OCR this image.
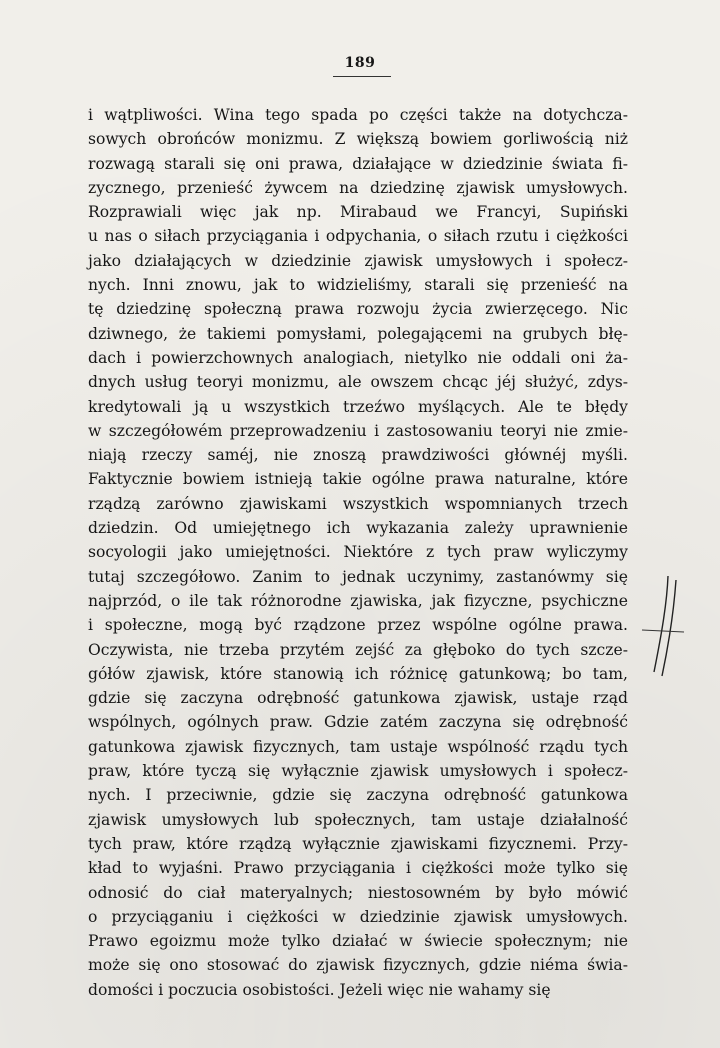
189
i wątpliwości. Wina tego spada po części także na dotychcza-
sowych obrońców monizmu. Z większą bowiem gorliwością niż
rozwagą starali się oni prawa, działające w dziedzinie świata fi-
zycznego, przenieść żywcem na dziedzinę zjawisk umysłowych.
Rozprawiali więc jak np. Mirabaud we Francyi, Supiński
u nas o siłach przyciągania i odpychania, o siłach rzutu i ciężkości
jako działających w dziedzinie zjawisk umysłowych i społecz-
nych. Inni znowu, jak to widzieliśmy, starali się przenieść na
tę dziedzinę społeczną prawa rozwoju życia zwierzęcego. Nic
dziwnego, że takiemi pomysłami, polegającemi na grubych błę-
dach i powierzchownych analogiach, nietylko nie oddali oni ża-
dnych usług teoryi monizmu, ale owszem chcąc jéj służyć, zdys-
kredytowali ją u wszystkich trzeźwo myślących. Ale te błędy
w szczegółowém przeprowadzeniu i zastosowaniu teoryi nie zmie-
niają rzeczy saméj, nie znoszą prawdziwości głównéj myśli.
Faktycznie bowiem istnieją takie ogólne prawa naturalne, które
rządzą zarówno zjawiskami wszystkich wspomnianych trzech
dziedzin. Od umiejętnego ich wykazania zależy uprawnienie
socyologii jako umiejętności. Niektóre z tych praw wyliczymy
tutaj szczegółowo. Zanim to jednak uczynimy, zastanówmy się
najprzód, o ile tak różnorodne zjawiska, jak fizyczne, psychiczne
i społeczne, mogą być rządzone przez wspólne ogólne prawa.
Oczywista, nie trzeba przytém zejść za głęboko do tych szcze-
gółów zjawisk, które stanowią ich różnicę gatunkową; bo tam,
gdzie się zaczyna odrębność gatunkowa zjawisk, ustaje rząd
wspólnych, ogólnych praw. Gdzie zatém zaczyna się odrębność
gatunkowa zjawisk fizycznych, tam ustaje wspólność rządu tych
praw, które tyczą się wyłącznie zjawisk umysłowych i społecz-
nych. I przeciwnie, gdzie się zaczyna odrębność gatunkowa
zjawisk umysłowych lub społecznych, tam ustaje działalność
tych praw, które rządzą wyłącznie zjawiskami fizycznemi. Przy-
kład to wyjaśni. Prawo przyciągania i ciężkości może tylko się
odnosić do ciał materyalnych; niestosowném by było mówić
o przyciąganiu i ciężkości w dziedzinie zjawisk umysłowych.
Prawo egoizmu może tylko działać w świecie społecznym; nie
może się ono stosować do zjawisk fizycznych, gdzie niéma świa-
domości i poczucia osobistości. Jeżeli więc nie wahamy się
